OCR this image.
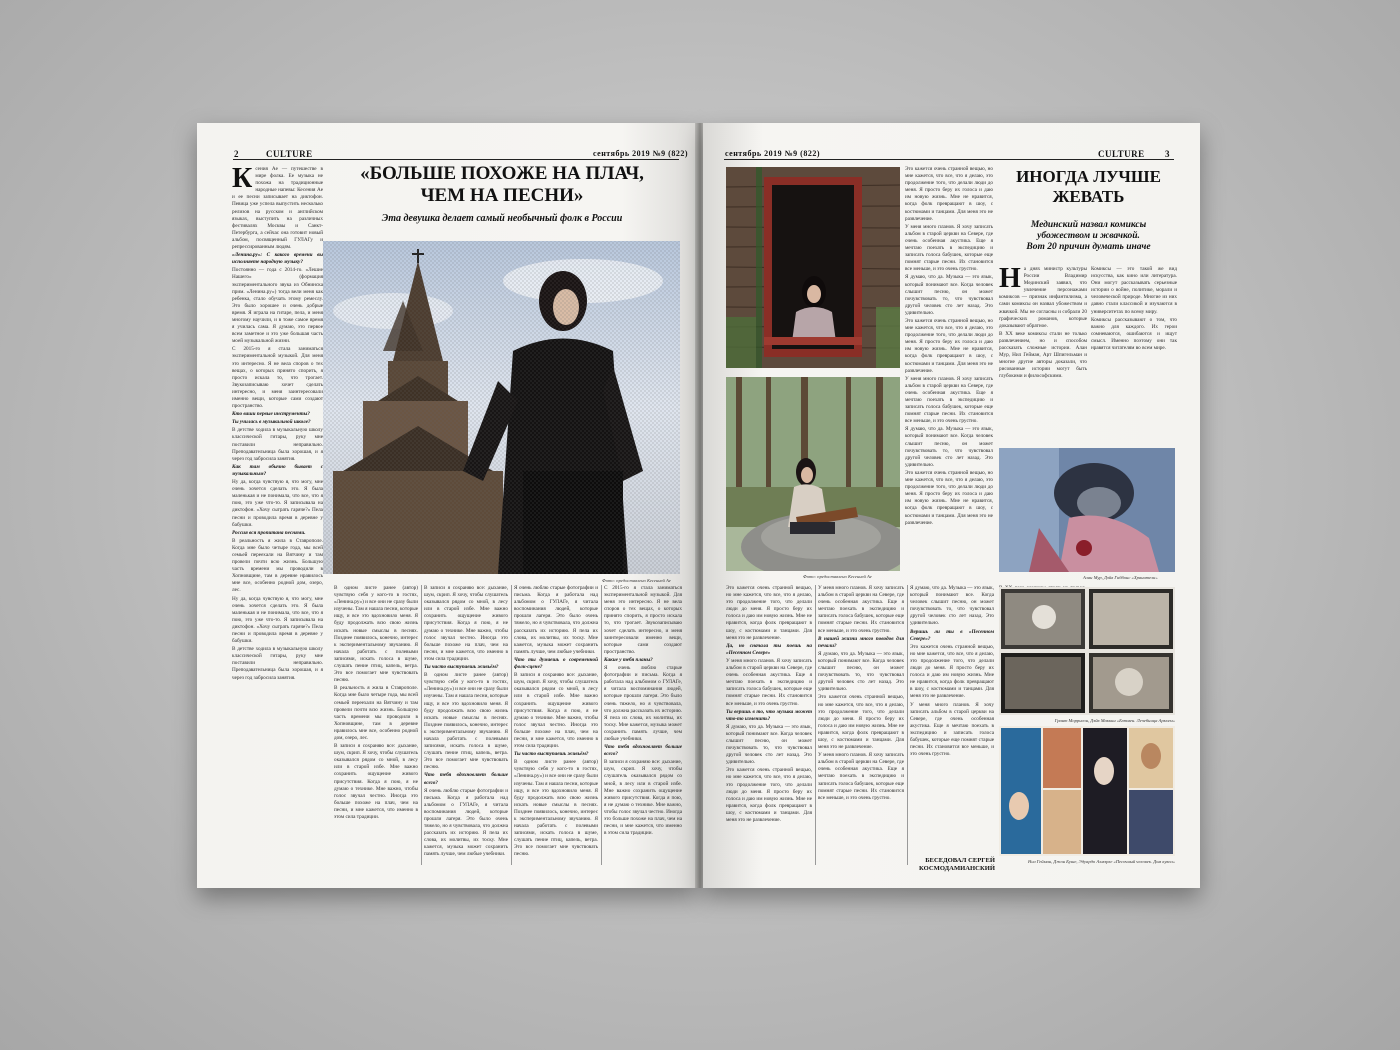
2	CULTURE	сентябрь 2019 №9 (822)
К сения Ae — путешестве в мире фолка. Ее музыка не похожа на традиционные народные напевы: Кесения Ae и ее песни записывает на диктофон. Певица уже успела выпустить несколько релизов на русском и английском языках, выступить на различных фестивалях Москвы и Санкт-Петербурга, а сейчас она готовит новый альбом, посвященный ГУЛАГу и репрессированным людям.

«Ленина.ру»: С какого времени вы исполняете народную музыку?

Постоянно — года с 2014-го. «Лешие Нашего» (формация экспериментального звука из Обнинска прим. «Ленина.ру») тогда вели меня как ребенка, стало обучать этому ремеслу. Это было хорошее и очень добрые время. Я играла на гитаре, пела, и меня многому научили, и в тоже самое время я училась сама. Я думаю, это первое всем заметное и это уже большая часть моей музыкальной жизни.

С 2015-го я стала заниматься экспериментальной музыкой. Для меня это интересно. Я не вела споров о тех вещах, о которых принято спорить, я просто искала то, что трогает. Звукозаписываю хочет сделать интересно, и меня заинтересовали именно вещи, которые сами создают пространство.

Кто ваши первые инструменты?

Ты училась в музыкальной школе?

В детстве ходила в музыкальную школу классической гитары, руку мне поставили неправильно. Преподавательница была хорошая, и я через год забросила занятия.

Как там обычно бывает с музыкальным?

Ну да, когда чувствую я, что могу, мне очень хочется сделать это. Я была маленькая и не понимала, что все, что я пою, это уже что-то. Я записывала на диктофон. «Хочу сыграть гаряче?» Пела песни и проводила время в деревне у бабушки.

Россия вся пропитана песнями.

В реальность я жила в Ставрополе. Когда мне было четыре года, мы всей семьей переехали на Вятчину и там провели почти всю жизнь. Большую часть времени мы проводили в Хопновщине, там в деревне нравилось мне все, особенно родной дом, озеро, лес.

Ну да, когда чувствую я, что могу, мне очень хочется сделать это. Я была маленькая и не понимала, что все, что я пою, это уже что-то. Я записывала на диктофон. «Хочу сыграть гаряче?» Пела песни и проводила время в деревне у бабушки.

В детстве ходила в музыкальную школу классической гитары, руку мне поставили неправильно. Преподавательница была хорошая, и я через год забросила занятия.

«БОЛЬШЕ ПОХОЖЕ НА ПЛАЧ,
ЧЕМ НА ПЕСНИ»
Эта девушка делает самый необычный фолк в России
Фото: предоставлено Кесенией Ae

В одном листе ранее (автор) чувствую себя у кого-то в гостях, «Ленина.ру») и все они не сразу были изучены. Там я нашла песни, которые ищу, и все это вдохновило меня. Я буду продолжать всю свою жизнь искать новые смыслы в песнях. Позднее появилось, конечно, интерес к экспериментальному звучанию. Я начала работать с полевыми записями, искать голоса в шуме, слушать пение птиц, капель, ветра. Это все помогает мне чувствовать песню.

В реальность я жила в Ставрополе. Когда мне было четыре года, мы всей семьей переехали на Вятчину и там провели почти всю жизнь. Большую часть времени мы проводили в Хопновщине, там в деревне нравилось мне все, особенно родной дом, озеро, лес.

В записи я сохраняю все: дыхание, шум, скрип. Я хочу, чтобы слушатель оказывался рядом со мной, в лесу или в старой избе. Мне важно сохранить ощущение живого присутствия. Когда я пою, я не думаю о технике. Мне важно, чтобы голос звучал честно. Иногда это больше похоже на плач, чем на песни, и мне кажется, что именно в этом сила традиции.

В записи я сохраняю все: дыхание, шум, скрип. Я хочу, чтобы слушатель оказывался рядом со мной, в лесу или в старой избе. Мне важно сохранить ощущение живого присутствия. Когда я пою, я не думаю о технике. Мне важно, чтобы голос звучал честно. Иногда это больше похоже на плач, чем на песни, и мне кажется, что именно в этом сила традиции.

Ты часто выступаешь живьём?

В одном листе ранее (автор) чувствую себя у кого-то в гостях, «Ленина.ру») и все они не сразу были изучены. Там я нашла песни, которые ищу, и все это вдохновило меня. Я буду продолжать всю свою жизнь искать новые смыслы в песнях. Позднее появилось, конечно, интерес к экспериментальному звучанию. Я начала работать с полевыми записями, искать голоса в шуме, слушать пение птиц, капель, ветра. Это все помогает мне чувствовать песню.

Что тебя вдохновляет больше всего?

Я очень люблю старые фотографии и письма. Когда я работала над альбомом о ГУЛАГе, я читала воспоминания людей, которые прошли лагеря. Это было очень тяжело, но я чувствовала, что должна рассказать их историю. Я пела их слова, их молитвы, их тоску. Мне кажется, музыка может сохранить память лучше, чем любые учебники.

Я очень люблю старые фотографии и письма. Когда я работала над альбомом о ГУЛАГе, я читала воспоминания людей, которые прошли лагеря. Это было очень тяжело, но я чувствовала, что должна рассказать их историю. Я пела их слова, их молитвы, их тоску. Мне кажется, музыка может сохранить память лучше, чем любые учебники.

Что ты думаешь о современной фолк-сцене?

В записи я сохраняю все: дыхание, шум, скрип. Я хочу, чтобы слушатель оказывался рядом со мной, в лесу или в старой избе. Мне важно сохранить ощущение живого присутствия. Когда я пою, я не думаю о технике. Мне важно, чтобы голос звучал честно. Иногда это больше похоже на плач, чем на песни, и мне кажется, что именно в этом сила традиции.

Ты часто выступаешь живьём?

В одном листе ранее (автор) чувствую себя у кого-то в гостях, «Ленина.ру») и все они не сразу были изучены. Там я нашла песни, которые ищу, и все это вдохновило меня. Я буду продолжать всю свою жизнь искать новые смыслы в песнях. Позднее появилось, конечно, интерес к экспериментальному звучанию. Я начала работать с полевыми записями, искать голоса в шуме, слушать пение птиц, капель, ветра. Это все помогает мне чувствовать песню.

С 2015-го я стала заниматься экспериментальной музыкой. Для меня это интересно. Я не вела споров о тех вещах, о которых принято спорить, я просто искала то, что трогает. Звукозаписываю хочет сделать интересно, и меня заинтересовали именно вещи, которые сами создают пространство.

Какие у тебя планы?

Я очень люблю старые фотографии и письма. Когда я работала над альбомом о ГУЛАГе, я читала воспоминания людей, которые прошли лагеря. Это было очень тяжело, но я чувствовала, что должна рассказать их историю. Я пела их слова, их молитвы, их тоску. Мне кажется, музыка может сохранить память лучше, чем любые учебники.

Что тебя вдохновляет больше всего?

В записи я сохраняю все: дыхание, шум, скрип. Я хочу, чтобы слушатель оказывался рядом со мной, в лесу или в старой избе. Мне важно сохранить ощущение живого присутствия. Когда я пою, я не думаю о технике. Мне важно, чтобы голос звучал честно. Иногда это больше похоже на плач, чем на песни, и мне кажется, что именно в этом сила традиции.

сентябрь 2019 №9 (822)	CULTURE 3
Фото: предоставлено Кесенией Ae

Это кажется очень странной вещью, но мне кажется, что все, что я делаю, это продолжение того, что делали люди до меня. Я просто беру их голоса и даю им новую жизнь. Мне не нравится, когда фолк превращают в шоу, с костюмами и танцами. Для меня это не развлечение.

У меня много планов. Я хочу записать альбом в старой церкви на Севере, где очень особенная акустика. Еще я мечтаю поехать в экспедицию и записать голоса бабушек, которые еще помнят старые песни. Их становится все меньше, и это очень грустно.

Я думаю, что да. Музыка — это язык, который понимают все. Когда человек слышит песню, он может почувствовать то, что чувствовал другой человек сто лет назад. Это удивительно.

Это кажется очень странной вещью, но мне кажется, что все, что я делаю, это продолжение того, что делали люди до меня. Я просто беру их голоса и даю им новую жизнь. Мне не нравится, когда фолк превращают в шоу, с костюмами и танцами. Для меня это не развлечение.

У меня много планов. Я хочу записать альбом в старой церкви на Севере, где очень особенная акустика. Еще я мечтаю поехать в экспедицию и записать голоса бабушек, которые еще помнят старые песни. Их становится все меньше, и это очень грустно.

Я думаю, что да. Музыка — это язык, который понимают все. Когда человек слышит песню, он может почувствовать то, что чувствовал другой человек сто лет назад. Это удивительно.

Это кажется очень странной вещью, но мне кажется, что все, что я делаю, это продолжение того, что делали люди до меня. Я просто беру их голоса и даю им новую жизнь. Мне не нравится, когда фолк превращают в шоу, с костюмами и танцами. Для меня это не развлечение.

ИНОГДА ЛУЧШЕ
ЖЕВАТЬ
Мединский назвал комиксы
убожеством и жвачкой.
Вот 20 причин думать иначе
Н а днях министр культуры России Владимир Мединский заявил, что увлечение персонажами комиксов — признак инфантилизма, а сами комиксы он назвал убожеством и жвачкой. Мы не согласны и собрали 20 графических романов, которые доказывают обратное.

В XX веке комиксы стали не только развлечением, но и способом рассказать сложные истории. Алан Мур, Нил Гейман, Арт Шпигельман и многие другие авторы доказали, что рисованные истории могут быть глубокими и философскими.

Комиксы — это такой же вид искусства, как кино или литература. Они могут рассказывать серьезные истории о войне, политике, морали и человеческой природе. Многие из них давно стали классикой и изучаются в университетах по всему миру.

Комиксы рассказывают о том, что важно для каждого. Их герои сомневаются, ошибаются и ищут смысл. Именно поэтому они так нравятся читателям во всем мире.

Алан Мур, Дэйв Гиббонс «Хранители»

Грант Моррисон, Дэйв Маккин «Бэтмен. Лечебница Аркхем»
Нил Гейман, Джон Буше, Эдуардо Алмэрле «Песочный человек. Дом кукол»

Это кажется очень странной вещью, но мне кажется, что все, что я делаю, это продолжение того, что делали люди до меня. Я просто беру их голоса и даю им новую жизнь. Мне не нравится, когда фолк превращают в шоу, с костюмами и танцами. Для меня это не развлечение.

Да, но сначала ты поешь на «Песенном Севере»

У меня много планов. Я хочу записать альбом в старой церкви на Севере, где очень особенная акустика. Еще я мечтаю поехать в экспедицию и записать голоса бабушек, которые еще помнят старые песни. Их становится все меньше, и это очень грустно.

Ты веришь в то, что музыка может что-то изменить?

Я думаю, что да. Музыка — это язык, который понимают все. Когда человек слышит песню, он может почувствовать то, что чувствовал другой человек сто лет назад. Это удивительно.

Это кажется очень странной вещью, но мне кажется, что все, что я делаю, это продолжение того, что делали люди до меня. Я просто беру их голоса и даю им новую жизнь. Мне не нравится, когда фолк превращают в шоу, с костюмами и танцами. Для меня это не развлечение.

У меня много планов. Я хочу записать альбом в старой церкви на Севере, где очень особенная акустика. Еще я мечтаю поехать в экспедицию и записать голоса бабушек, которые еще помнят старые песни. Их становится все меньше, и это очень грустно.

В нашей жизни много поводов для печали?

Я думаю, что да. Музыка — это язык, который понимают все. Когда человек слышит песню, он может почувствовать то, что чувствовал другой человек сто лет назад. Это удивительно.

Это кажется очень странной вещью, но мне кажется, что все, что я делаю, это продолжение того, что делали люди до меня. Я просто беру их голоса и даю им новую жизнь. Мне не нравится, когда фолк превращают в шоу, с костюмами и танцами. Для меня это не развлечение.

У меня много планов. Я хочу записать альбом в старой церкви на Севере, где очень особенная акустика. Еще я мечтаю поехать в экспедицию и записать голоса бабушек, которые еще помнят старые песни. Их становится все меньше, и это очень грустно.

Я думаю, что да. Музыка — это язык, который понимают все. Когда человек слышит песню, он может почувствовать то, что чувствовал другой человек сто лет назад. Это удивительно.

Веришь ли ты в «Песенном Севере»?

Это кажется очень странной вещью, но мне кажется, что все, что я делаю, это продолжение того, что делали люди до меня. Я просто беру их голоса и даю им новую жизнь. Мне не нравится, когда фолк превращают в шоу, с костюмами и танцами. Для меня это не развлечение.

У меня много планов. Я хочу записать альбом в старой церкви на Севере, где очень особенная акустика. Еще я мечтаю поехать в экспедицию и записать голоса бабушек, которые еще помнят старые песни. Их становится все меньше, и это очень грустно.

БЕСЕДОВАЛ СЕРГЕЙ
КОСМОДАМИАНСКИЙ
